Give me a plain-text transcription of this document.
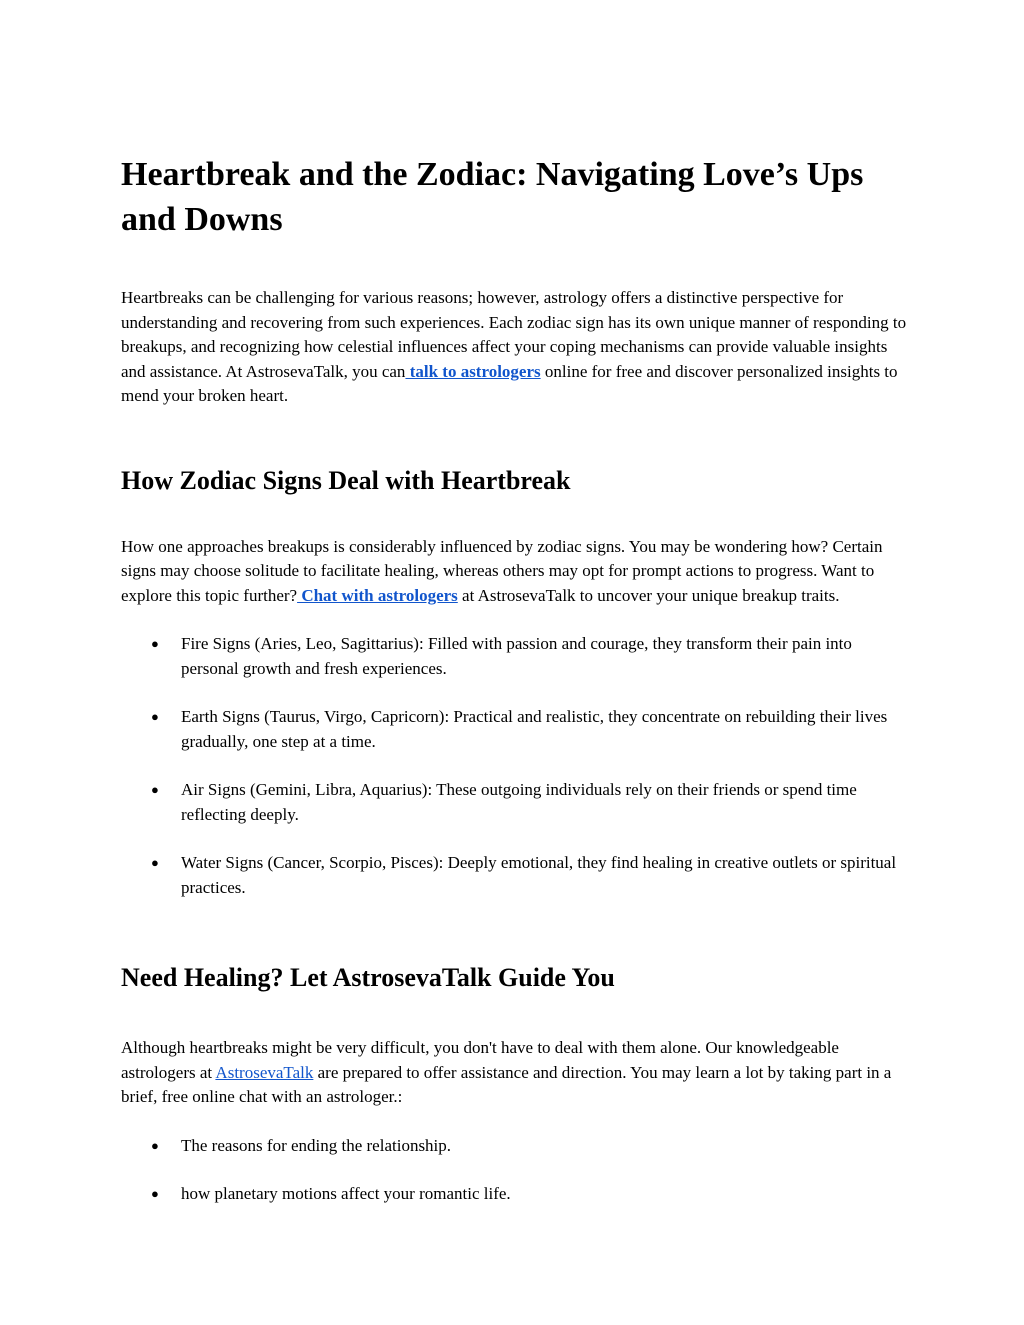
Heartbreak and the Zodiac: Navigating Love’s Ups and Downs

Heartbreaks can be challenging for various reasons; however, astrology offers a distinctive perspective for understanding and recovering from such experiences. Each zodiac sign has its own unique manner of responding to breakups, and recognizing how celestial influences affect your coping mechanisms can provide valuable insights and assistance. At AstrosevaTalk, you can talk to astrologers online for free and discover personalized insights to mend your broken heart.

How Zodiac Signs Deal with Heartbreak

How one approaches breakups is considerably influenced by zodiac signs. You may be wondering how? Certain signs may choose solitude to facilitate healing, whereas others may opt for prompt actions to progress. Want to explore this topic further? Chat with astrologers at AstrosevaTalk to uncover your unique breakup traits.

● Fire Signs (Aries, Leo, Sagittarius): Filled with passion and courage, they transform their pain into personal growth and fresh experiences.
● Earth Signs (Taurus, Virgo, Capricorn): Practical and realistic, they concentrate on rebuilding their lives gradually, one step at a time.
● Air Signs (Gemini, Libra, Aquarius): These outgoing individuals rely on their friends or spend time reflecting deeply.
● Water Signs (Cancer, Scorpio, Pisces): Deeply emotional, they find healing in creative outlets or spiritual practices.
Need Healing? Let AstrosevaTalk Guide You

Although heartbreaks might be very difficult, you don't have to deal with them alone. Our knowledgeable astrologers at AstrosevaTalk are prepared to offer assistance and direction. You may learn a lot by taking part in a brief, free online chat with an astrologer.:

● The reasons for ending the relationship.
● how planetary motions affect your romantic life.
